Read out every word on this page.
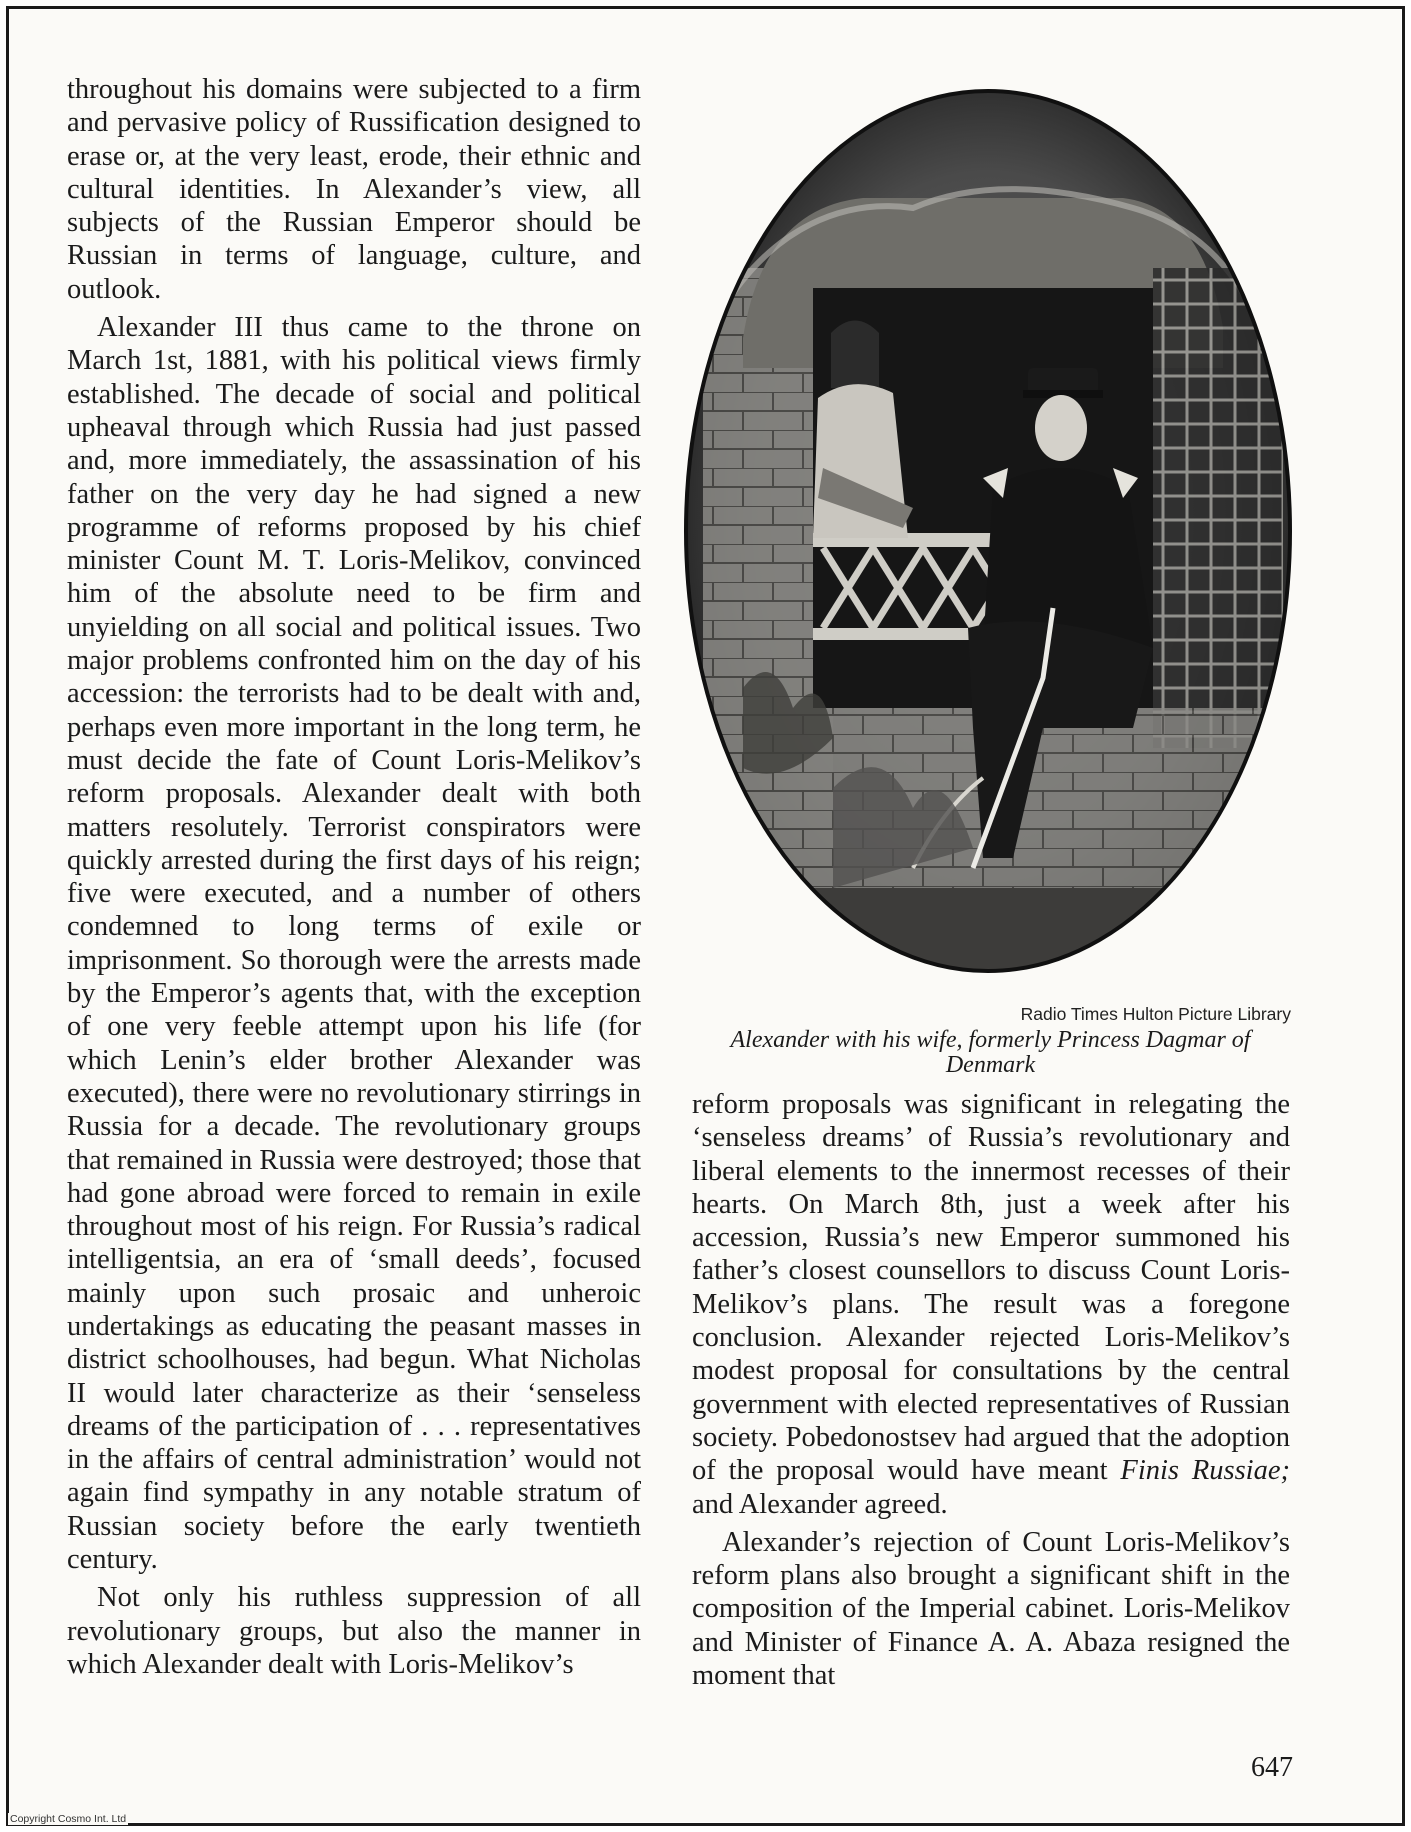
throughout his domains were subjected to a firm and pervasive policy of Russification designed to erase or, at the very least, erode, their ethnic and cultural identities. In Alexander’s view, all subjects of the Russian Emperor should be Russian in terms of language, culture, and outlook.

Alexander III thus came to the throne on March 1st, 1881, with his political views firmly established. The decade of social and political upheaval through which Russia had just passed and, more immediately, the assassination of his father on the very day he had signed a new programme of reforms proposed by his chief minister Count M. T. Loris-Melikov, convinced him of the absolute need to be firm and unyielding on all social and political issues. Two major problems confronted him on the day of his accession: the terrorists had to be dealt with and, perhaps even more important in the long term, he must decide the fate of Count Loris-Melikov’s reform proposals. Alexander dealt with both matters resolutely. Terrorist conspirators were quickly arrested during the first days of his reign; five were executed, and a number of others condemned to long terms of exile or imprisonment. So thorough were the arrests made by the Emperor’s agents that, with the exception of one very feeble attempt upon his life (for which Lenin’s elder brother Alexander was executed), there were no revolutionary stirrings in Russia for a decade. The revolutionary groups that remained in Russia were destroyed; those that had gone abroad were forced to remain in exile throughout most of his reign. For Russia’s radical intelligentsia, an era of ‘small deeds’, focused mainly upon such prosaic and unheroic undertakings as educating the peasant masses in district schoolhouses, had begun. What Nicholas II would later characterize as their ‘senseless dreams of the participation of . . . representatives in the affairs of central administration’ would not again find sympathy in any notable stratum of Russian society before the early twentieth century.

Not only his ruthless suppression of all revolutionary groups, but also the manner in which Alexander dealt with Loris-Melikov’s

Radio Times Hulton Picture Library
Alexander with his wife, formerly Princess Dagmar of Denmark

reform proposals was significant in relegating the ‘senseless dreams’ of Russia’s revolutionary and liberal elements to the innermost recesses of their hearts. On March 8th, just a week after his accession, Russia’s new Emperor summoned his father’s closest counsellors to discuss Count Loris-Melikov’s plans. The result was a foregone conclusion. Alexander rejected Loris-Melikov’s modest proposal for consultations by the central government with elected representatives of Russian society. Pobedonostsev had argued that the adoption of the proposal would have meant Finis Russiae; and Alexander agreed.

Alexander’s rejection of Count Loris-Melikov’s reform plans also brought a significant shift in the composition of the Imperial cabinet. Loris-Melikov and Minister of Finance A. A. Abaza resigned the moment that

647
Copyright Cosmo Int. Ltd
